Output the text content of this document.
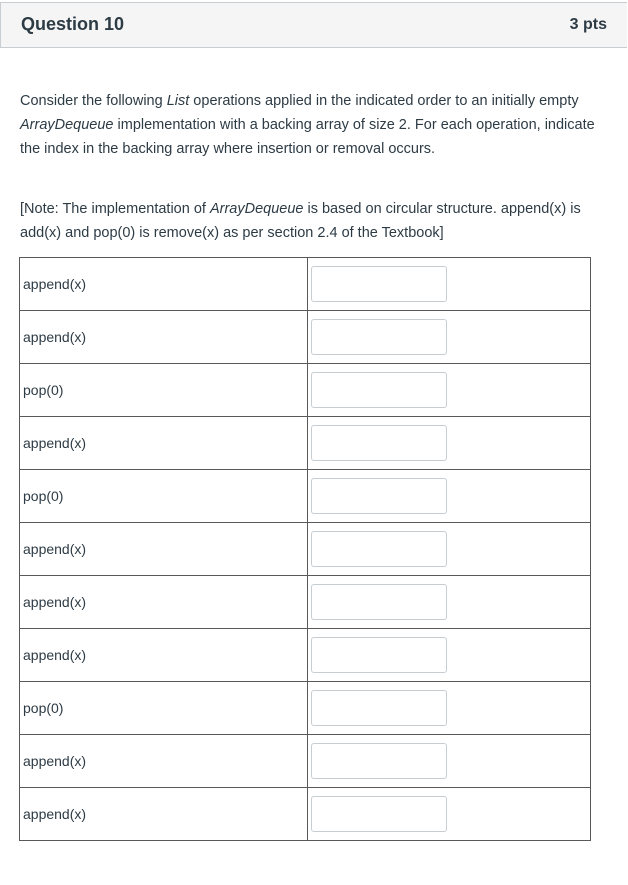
Question 10	3 pts
Consider the following List operations applied in the indicated order to an initially empty ArrayDequeue implementation with a backing array of size 2. For each operation, indicate the index in the backing array where insertion or removal occurs.
[Note: The implementation of ArrayDequeue is based on circular structure. append(x) is add(x) and pop(0) is remove(x) as per section 2.4 of the Textbook]
append(x)	

append(x)	

pop(0)	

append(x)	

pop(0)	

append(x)	

append(x)	

append(x)	

pop(0)	

append(x)	

append(x)	
